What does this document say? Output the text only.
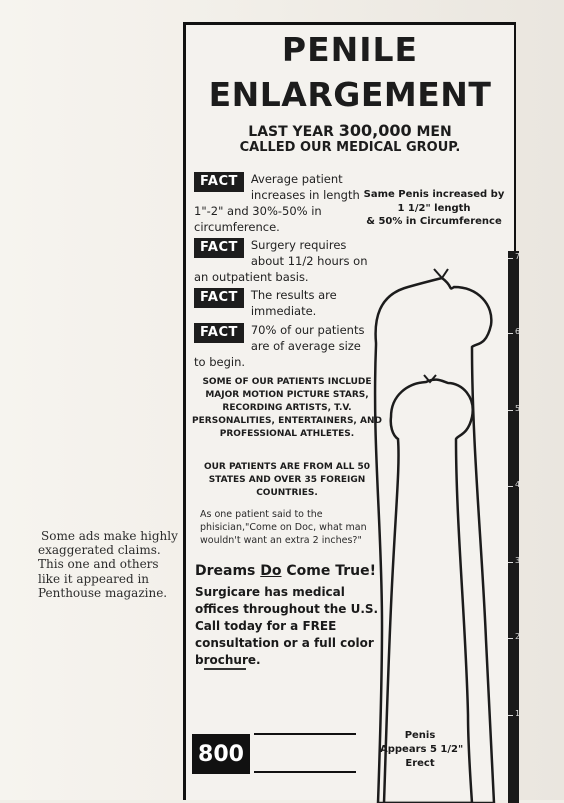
Some ads make highly
exaggerated claims.
This one and others
like it appeared in
Penthouse magazine.
PENILE
ENLARGEMENT
LAST YEAR 300,000 MEN
CALLED OUR MEDICAL GROUP.
FACT	Average patient increases in length 1"-2" and 30%-50% in circumference.
FACT	Surgery requires about 11/2 hours on an outpatient basis.
FACT	The results are immediate.
FACT	70% of our patients are of average size to begin.
SOME OF OUR PATIENTS INCLUDE MAJOR MOTION PICTURE STARS, RECORDING ARTISTS, T.V. PERSONALITIES, ENTERTAINERS, AND PROFESSIONAL ATHLETES.
OUR PATIENTS ARE FROM ALL 50 STATES AND OVER 35 FOREIGN COUNTRIES.
As one patient said to the phisician,"Come on Doc, what man wouldn't want an extra 2 inches?"
Dreams Do Come True!
Surgicare has medical offices throughout the U.S. Call today for a FREE consultation or a full color brochure.
Same Penis increased by
1 1/2" length
& 50% in Circumference
Penis
Appears 5 1/2"
Erect
800
7
6
5
4
3
2
1
